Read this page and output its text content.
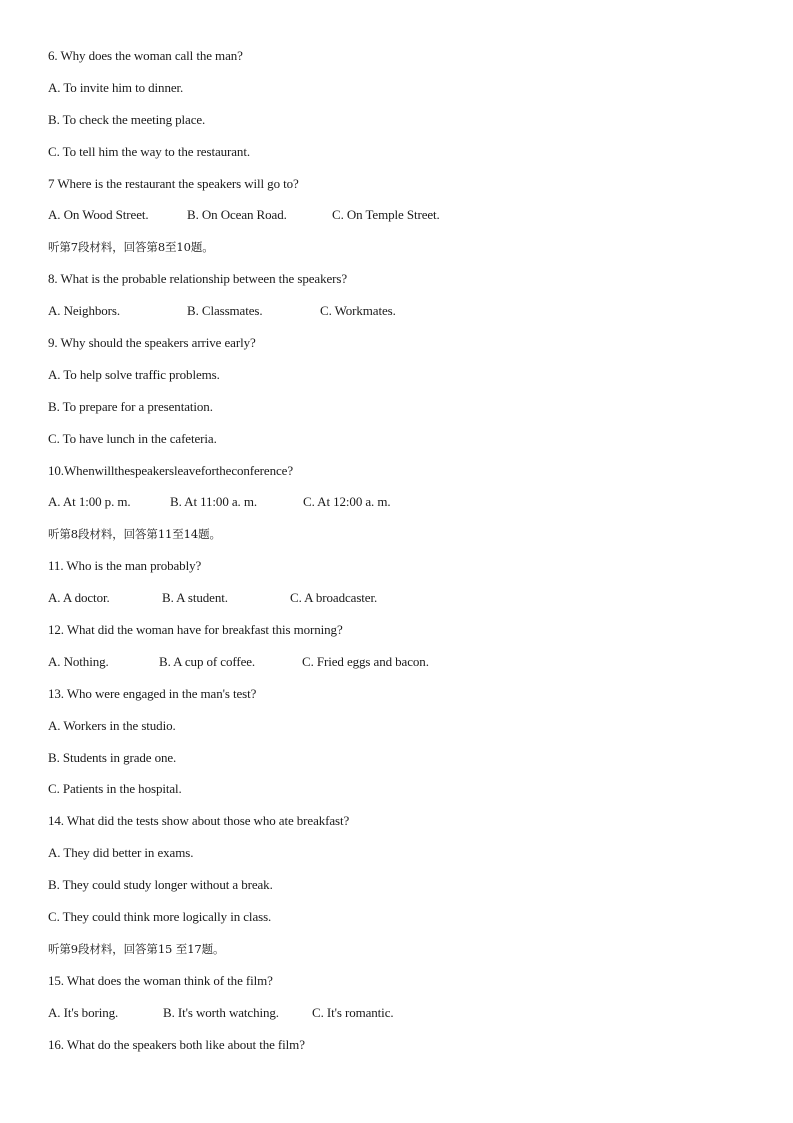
6. Why does the woman call the man?
A. To invite him to dinner.
B. To check the meeting place.
C. To tell him the way to the restaurant.
7 Where is the restaurant the speakers will go to?
A. On Wood Street.	B. On Ocean Road.	C. On Temple Street.
听第7段材料，回答第8至10题。
8. What is the probable relationship between the speakers?
A. Neighbors.	B. Classmates.	C. Workmates.
9. Why should the speakers arrive early?
A. To help solve traffic problems.
B. To prepare for a presentation.
C. To have lunch in the cafeteria.
10.Whenwillthespeakersleavefortheconference?
A. At 1:00 p. m.	B. At 11:00 a. m.	C. At 12:00 a. m.
听第8段材料，回答第11至14题。
11. Who is the man probably?
A. A doctor.	B. A student.	C. A broadcaster.
12. What did the woman have for breakfast this morning?
A. Nothing.	B. A cup of coffee.	C. Fried eggs and bacon.
13. Who were engaged in the man's test?
A. Workers in the studio.
B. Students in grade one.
C. Patients in the hospital.
14. What did the tests show about those who ate breakfast?
A. They did better in exams.
B. They could study longer without a break.
C. They could think more logically in class.
听第9段材料，回答第15 至17题。
15. What does the woman think of the film?
A. It's boring.	B. It's worth watching.	C. It's romantic.
16. What do the speakers both like about the film?
